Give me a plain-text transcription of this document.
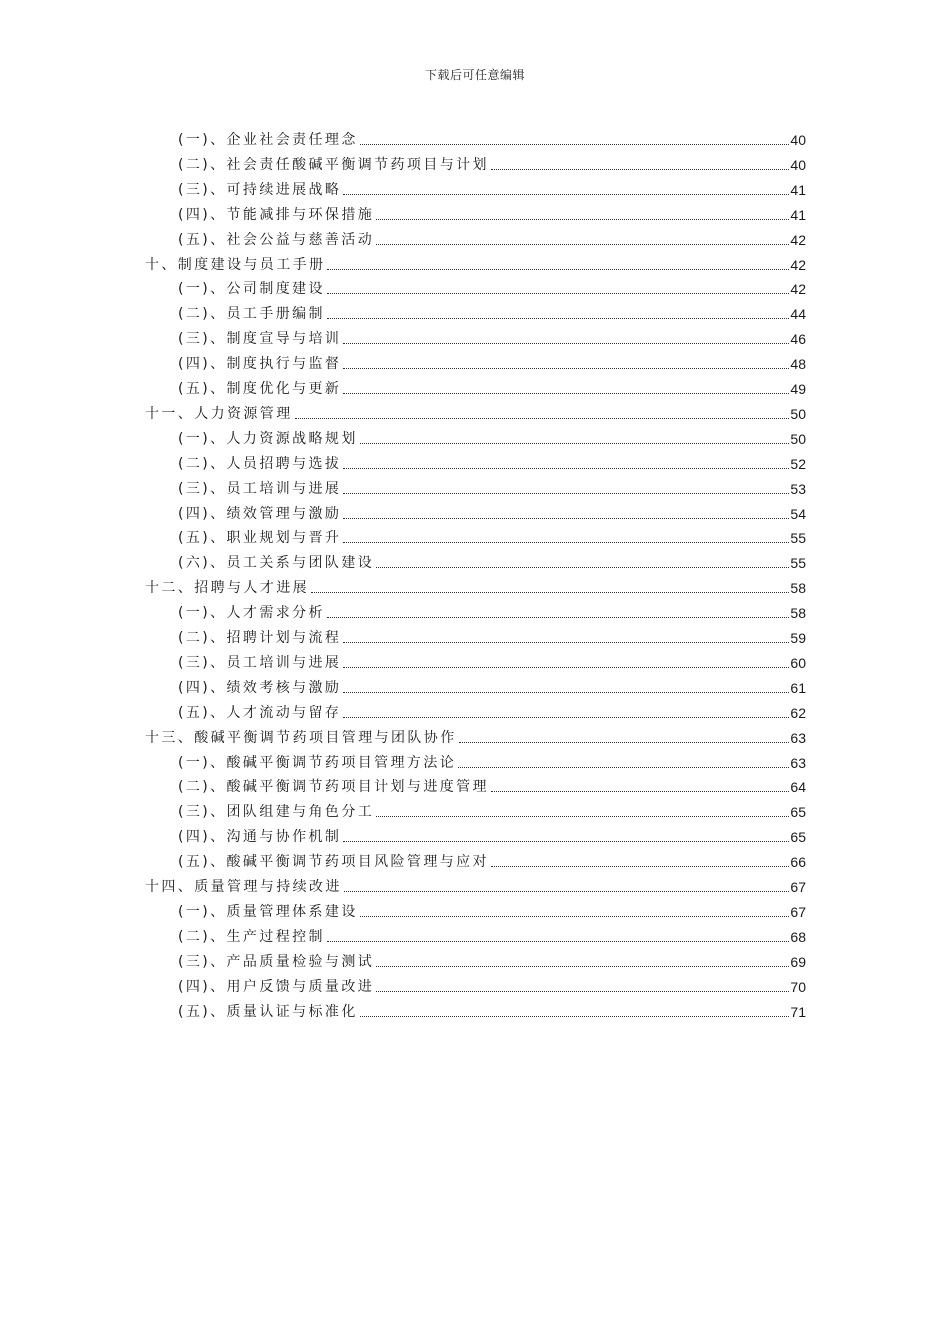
下载后可任意编辑
(一)、企业社会责任理念	40
(二)、社会责任酸碱平衡调节药项目与计划	40
(三)、可持续进展战略	41
(四)、节能减排与环保措施	41
(五)、社会公益与慈善活动	42
十、制度建设与员工手册	42
(一)、公司制度建设	42
(二)、员工手册编制	44
(三)、制度宣导与培训	46
(四)、制度执行与监督	48
(五)、制度优化与更新	49
十一、人力资源管理	50
(一)、人力资源战略规划	50
(二)、人员招聘与选拔	52
(三)、员工培训与进展	53
(四)、绩效管理与激励	54
(五)、职业规划与晋升	55
(六)、员工关系与团队建设	55
十二、招聘与人才进展	58
(一)、人才需求分析	58
(二)、招聘计划与流程	59
(三)、员工培训与进展	60
(四)、绩效考核与激励	61
(五)、人才流动与留存	62
十三、酸碱平衡调节药项目管理与团队协作	63
(一)、酸碱平衡调节药项目管理方法论	63
(二)、酸碱平衡调节药项目计划与进度管理	64
(三)、团队组建与角色分工	65
(四)、沟通与协作机制	65
(五)、酸碱平衡调节药项目风险管理与应对	66
十四、质量管理与持续改进	67
(一)、质量管理体系建设	67
(二)、生产过程控制	68
(三)、产品质量检验与测试	69
(四)、用户反馈与质量改进	70
(五)、质量认证与标准化	71
